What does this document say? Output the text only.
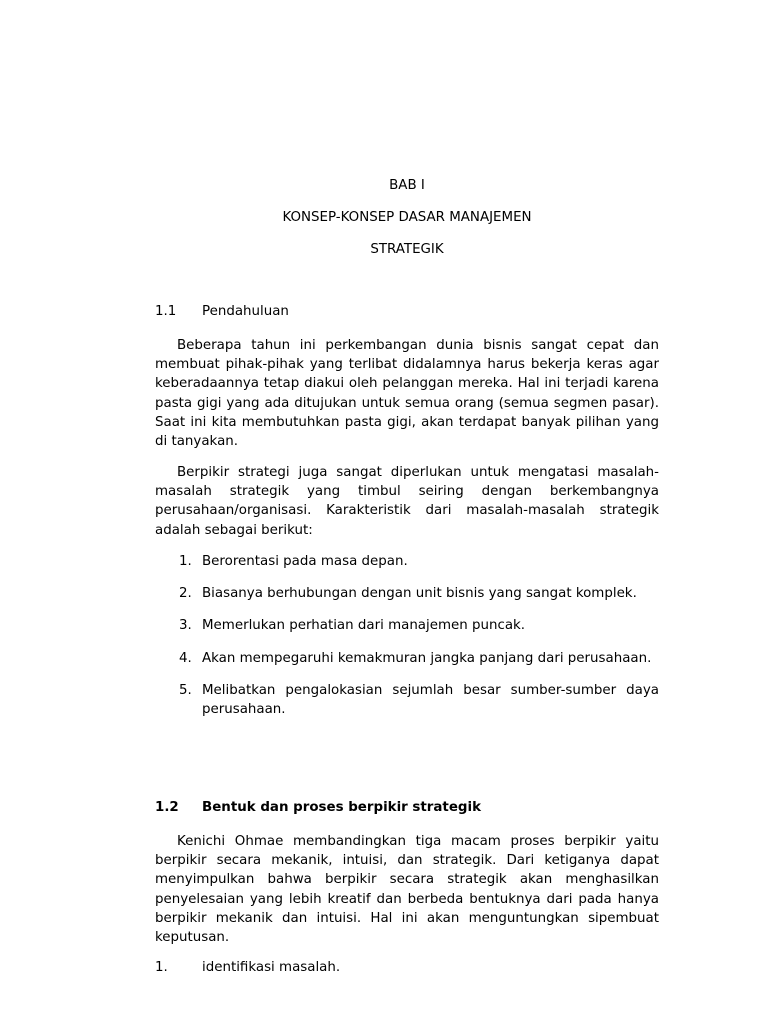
BAB I
KONSEP-KONSEP DASAR MANAJEMEN
STRATEGIK
1.1 Pendahuluan

Beberapa tahun ini perkembangan dunia bisnis sangat cepat dan membuat pihak-pihak yang terlibat didalamnya harus bekerja keras agar keberadaannya tetap diakui oleh pelanggan mereka. Hal ini terjadi karena pasta gigi yang ada ditujukan untuk semua orang (semua segmen pasar). Saat ini kita membutuhkan pasta gigi, akan terdapat banyak pilihan yang di tanyakan.

Berpikir strategi juga sangat diperlukan untuk mengatasi masalah-masalah strategik yang timbul seiring dengan berkembangnya perusahaan/organisasi. Karakteristik dari masalah-masalah strategik adalah sebagai berikut:

1. Berorentasi pada masa depan.
2. Biasanya berhubungan dengan unit bisnis yang sangat komplek.
3. Memerlukan perhatian dari manajemen puncak.
4. Akan mempegaruhi kemakmuran jangka panjang dari perusahaan.
5. Melibatkan pengalokasian sejumlah besar sumber-sumber daya perusahaan.
1.2 Bentuk dan proses berpikir strategik

Kenichi Ohmae membandingkan tiga macam proses berpikir yaitu berpikir secara mekanik, intuisi, dan strategik. Dari ketiganya dapat menyimpulkan bahwa berpikir secara strategik akan menghasilkan penyelesaian yang lebih kreatif dan berbeda bentuknya dari pada hanya berpikir mekanik dan intuisi. Hal ini akan menguntungkan sipembuat keputusan.

1.	identifikasi masalah.
